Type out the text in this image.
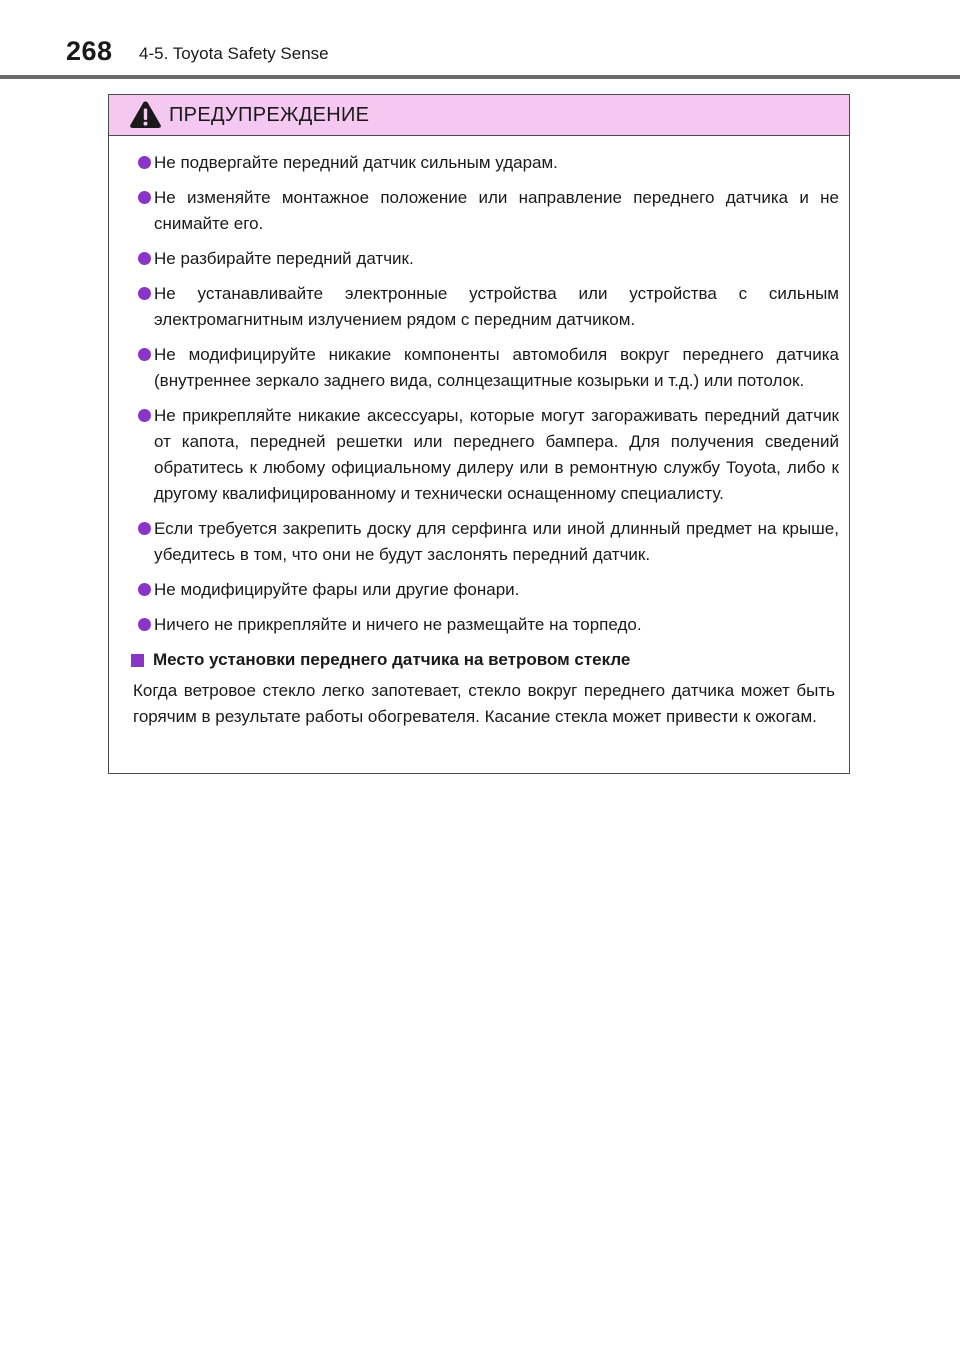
268 4-5. Toyota Safety Sense
ПРЕДУПРЕЖДЕНИЕ
Не подвергайте передний датчик сильным ударам.
Не изменяйте монтажное положение или направление переднего датчика и не снимайте его.
Не разбирайте передний датчик.
Не устанавливайте электронные устройства или устройства с сильным электромагнитным излучением рядом с передним датчиком.
Не модифицируйте никакие компоненты автомобиля вокруг переднего датчика (внутреннее зеркало заднего вида, солнцезащитные козырьки и т.д.) или потолок.
Не прикрепляйте никакие аксессуары, которые могут загораживать передний датчик от капота, передней решетки или переднего бампера. Для получения сведений обратитесь к любому официальному дилеру или в ремонтную службу Toyota, либо к другому квалифицированному и технически оснащенному специалисту.
Если требуется закрепить доску для серфинга или иной длинный предмет на крыше, убедитесь в том, что они не будут заслонять передний датчик.
Не модифицируйте фары или другие фонари.
Ничего не прикрепляйте и ничего не размещайте на торпедо.
Место установки переднего датчика на ветровом стекле
Когда ветровое стекло легко запотевает, стекло вокруг переднего датчика может быть горячим в результате работы обогревателя. Касание стекла может привести к ожогам.
